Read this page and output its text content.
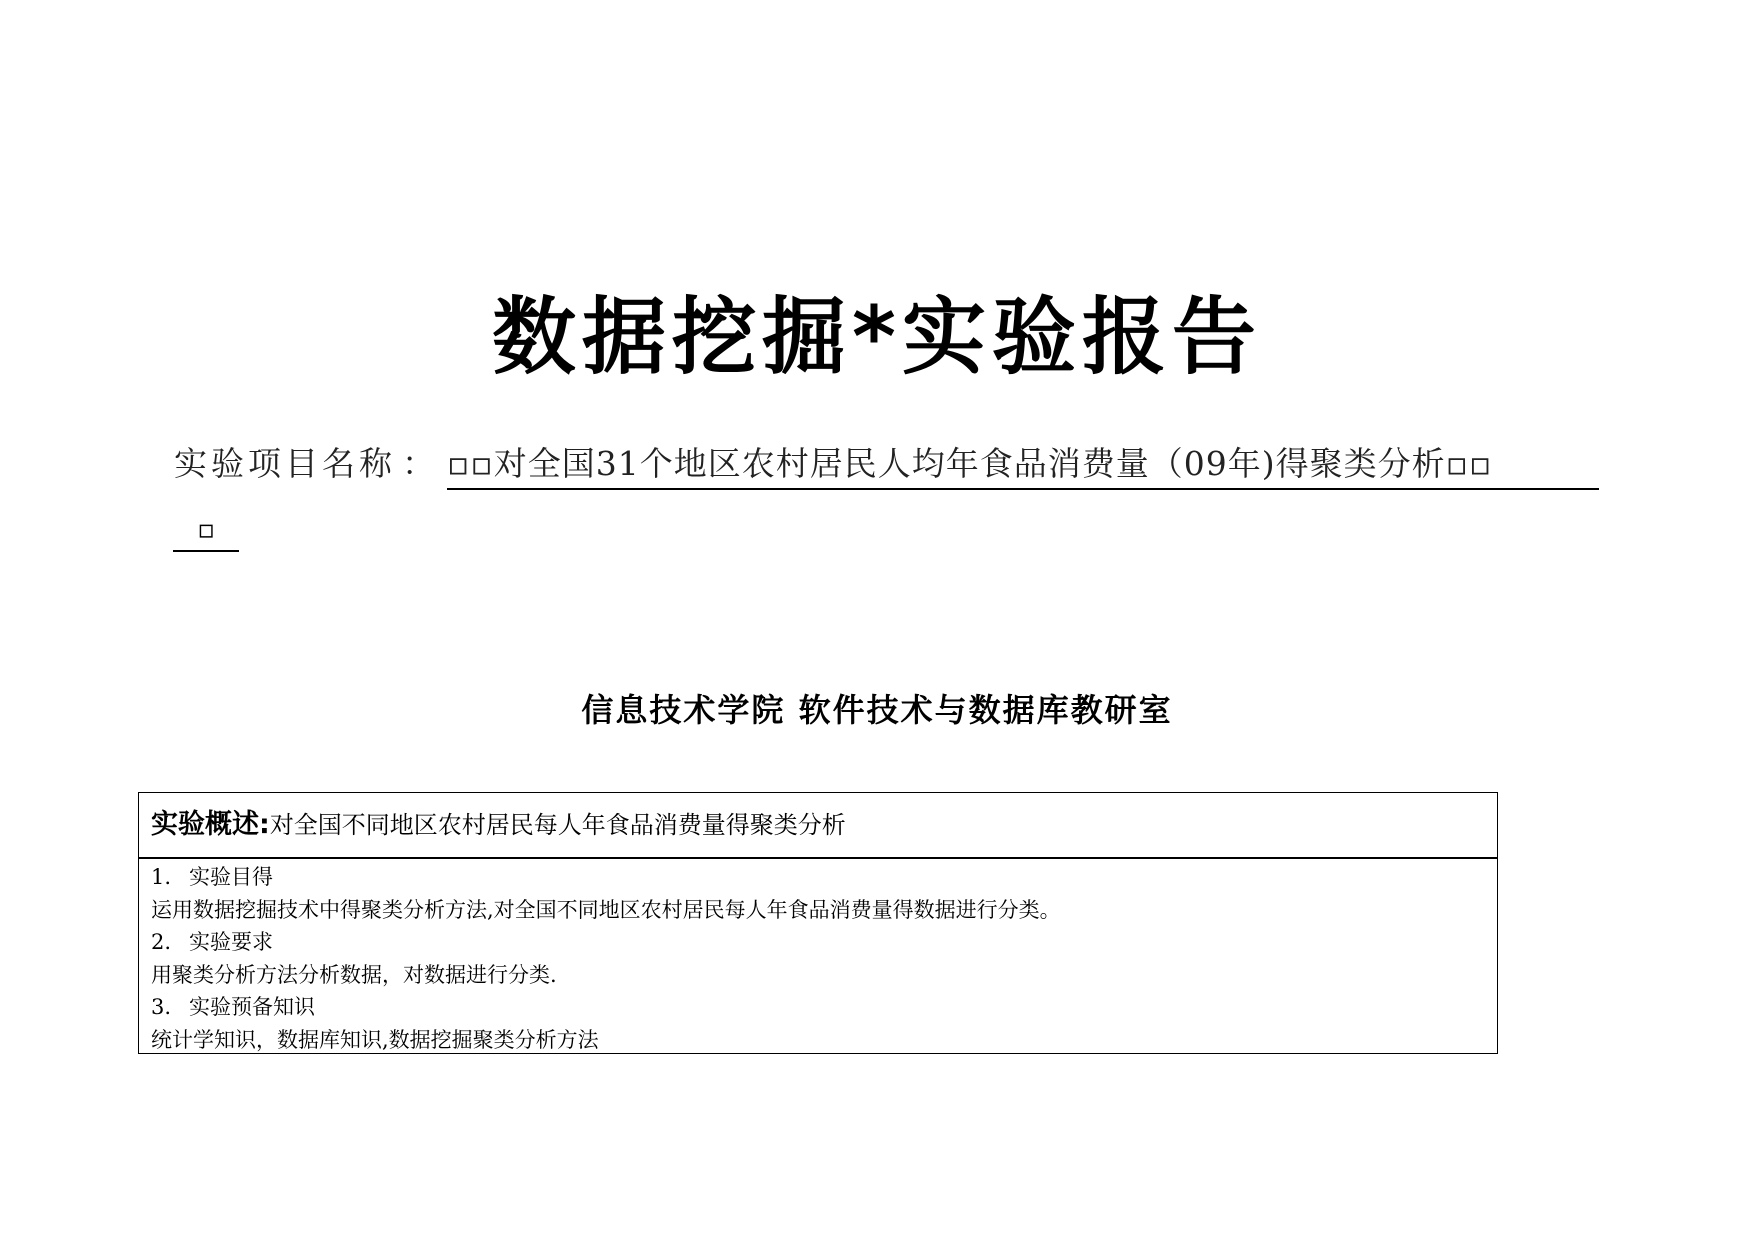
数据挖掘*实验报告
实验项目名称 ： ▫▫对全国31个地区农村居民人均年食品消费量（09年)得聚类分析▫▫
▫
信息技术学院 软件技术与数据库教研室
实验概述:对全国不同地区农村居民每人年食品消费量得聚类分析
1. 实验目得
运用数据挖掘技术中得聚类分析方法,对全国不同地区农村居民每人年食品消费量得数据进行分类。
2. 实验要求
用聚类分析方法分析数据，对数据进行分类.
3. 实验预备知识
统计学知识，数据库知识,数据挖掘聚类分析方法
